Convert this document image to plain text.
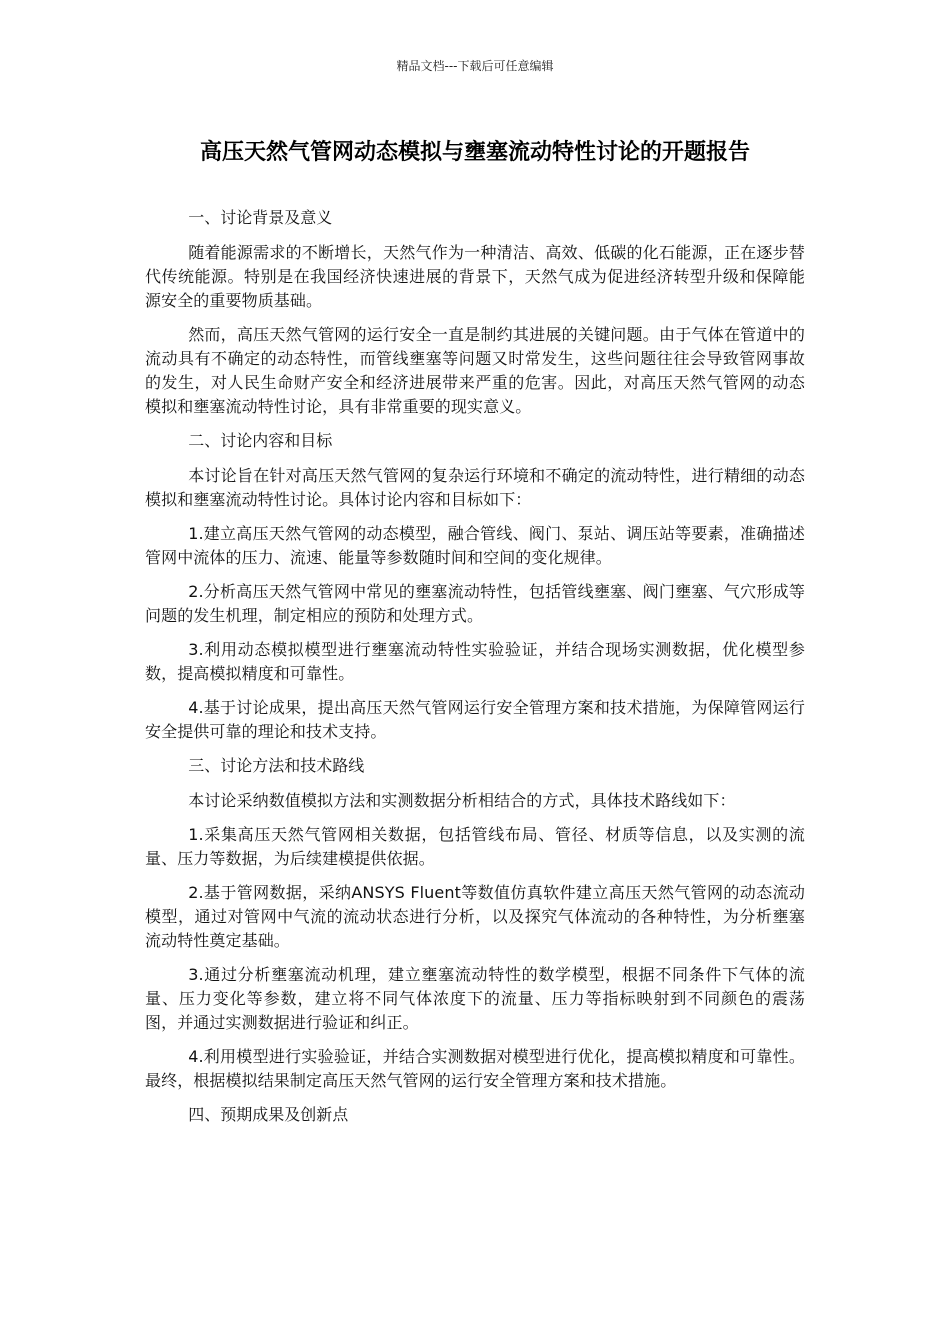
精品文档---下载后可任意编辑
高压天然气管网动态模拟与壅塞流动特性讨论的开题报告

一、讨论背景及意义

随着能源需求的不断增长，天然气作为一种清洁、高效、低碳的化石能源，正在逐步替代传统能源。特别是在我国经济快速进展的背景下，天然气成为促进经济转型升级和保障能源安全的重要物质基础。

然而，高压天然气管网的运行安全一直是制约其进展的关键问题。由于气体在管道中的流动具有不确定的动态特性，而管线壅塞等问题又时常发生，这些问题往往会导致管网事故的发生，对人民生命财产安全和经济进展带来严重的危害。因此，对高压天然气管网的动态模拟和壅塞流动特性讨论，具有非常重要的现实意义。

二、讨论内容和目标

本讨论旨在针对高压天然气管网的复杂运行环境和不确定的流动特性，进行精细的动态模拟和壅塞流动特性讨论。具体讨论内容和目标如下：

1.建立高压天然气管网的动态模型，融合管线、阀门、泵站、调压站等要素，准确描述管网中流体的压力、流速、能量等参数随时间和空间的变化规律。

2.分析高压天然气管网中常见的壅塞流动特性，包括管线壅塞、阀门壅塞、气穴形成等问题的发生机理，制定相应的预防和处理方式。

3.利用动态模拟模型进行壅塞流动特性实验验证，并结合现场实测数据，优化模型参数，提高模拟精度和可靠性。

4.基于讨论成果，提出高压天然气管网运行安全管理方案和技术措施，为保障管网运行安全提供可靠的理论和技术支持。

三、讨论方法和技术路线

本讨论采纳数值模拟方法和实测数据分析相结合的方式，具体技术路线如下：

1.采集高压天然气管网相关数据，包括管线布局、管径、材质等信息，以及实测的流量、压力等数据，为后续建模提供依据。

2.基于管网数据，采纳ANSYS Fluent等数值仿真软件建立高压天然气管网的动态流动模型，通过对管网中气流的流动状态进行分析，以及探究气体流动的各种特性，为分析壅塞流动特性奠定基础。

3.通过分析壅塞流动机理，建立壅塞流动特性的数学模型，根据不同条件下气体的流量、压力变化等参数，建立将不同气体浓度下的流量、压力等指标映射到不同颜色的震荡图，并通过实测数据进行验证和纠正。

4.利用模型进行实验验证，并结合实测数据对模型进行优化，提高模拟精度和可靠性。最终，根据模拟结果制定高压天然气管网的运行安全管理方案和技术措施。

四、预期成果及创新点
